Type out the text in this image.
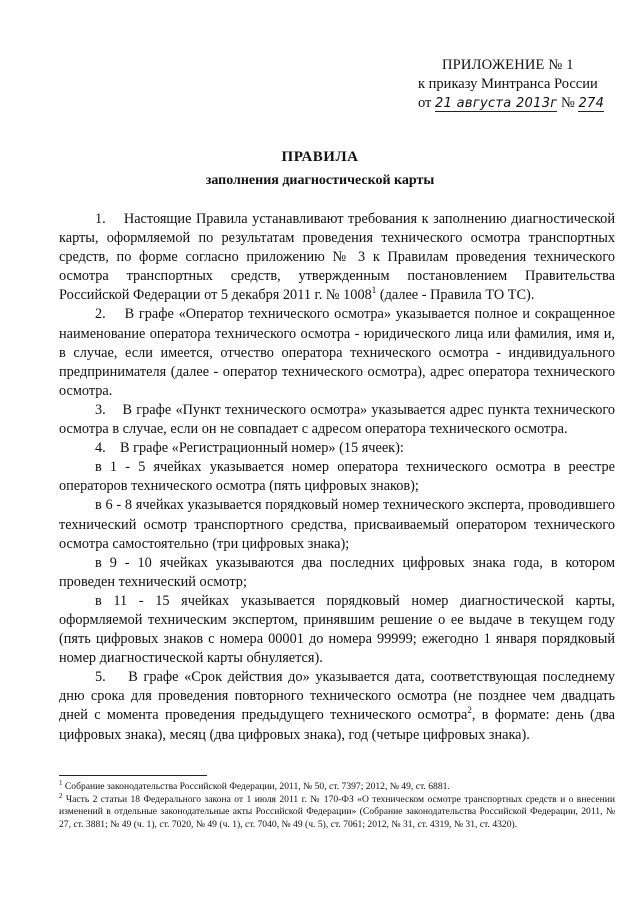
ПРИЛОЖЕНИЕ № 1
к приказу Минтранса России
от 21 августа 2013г № 274
ПРАВИЛА
заполнения диагностической карты

1.    Настоящие Правила устанавливают требования к заполнению диагностической карты, оформляемой по результатам проведения технического осмотра транспортных средств, по форме согласно приложению № 3 к Правилам проведения технического осмотра транспортных средств, утвержденным постановлением Правительства Российской Федерации от 5 декабря 2011 г. № 1008$^1$ (далее - Правила ТО ТС).

2.    В графе «Оператор технического осмотра» указывается полное и сокращенное наименование оператора технического осмотра - юридического лица или фамилия, имя и, в случае, если имеется, отчество оператора технического осмотра - индивидуального предпринимателя (далее - оператор технического осмотра), адрес оператора технического осмотра.

3.    В графе «Пункт технического осмотра» указывается адрес пункта технического осмотра в случае, если он не совпадает с адресом оператора технического осмотра.

4.    В графе «Регистрационный номер» (15 ячеек):

в 1 - 5 ячейках указывается номер оператора технического осмотра в реестре операторов технического осмотра (пять цифровых знаков);

в 6 - 8 ячейках указывается порядковый номер технического эксперта, проводившего технический осмотр транспортного средства, присваиваемый оператором технического осмотра самостоятельно (три цифровых знака);

в 9 - 10 ячейках указываются два последних цифровых знака года, в котором проведен технический осмотр;

в 11 - 15 ячейках указывается порядковый номер диагностической карты, оформляемой техническим экспертом, принявшим решение о ее выдаче в текущем году (пять цифровых знаков с номера 00001 до номера 99999; ежегодно 1 января порядковый номер диагностической карты обнуляется).

5.    В графе «Срок действия до» указывается дата, соответствующая последнему дню срока для проведения повторного технического осмотра (не позднее чем двадцать дней с момента проведения предыдущего технического осмотра$^2$, в формате: день (два цифровых знака), месяц (два цифровых знака), год (четыре цифровых знака).

$^1$ Собрание законодательства Российской Федерации, 2011, № 50, ст. 7397; 2012, № 49, ст. 6881.

$^2$ Часть 2 статьи 18 Федерального закона от 1 июля 2011 г. № 170-ФЗ «О техническом осмотре транспортных средств и о внесении изменений в отдельные законодательные акты Российской Федерации» (Собрание законодательства Российской Федерации, 2011, № 27, ст. 3881; № 49 (ч. 1), ст. 7020, № 49 (ч. 1), ст. 7040, № 49 (ч. 5), ст. 7061; 2012, № 31, ст. 4319, № 31, ст. 4320).
